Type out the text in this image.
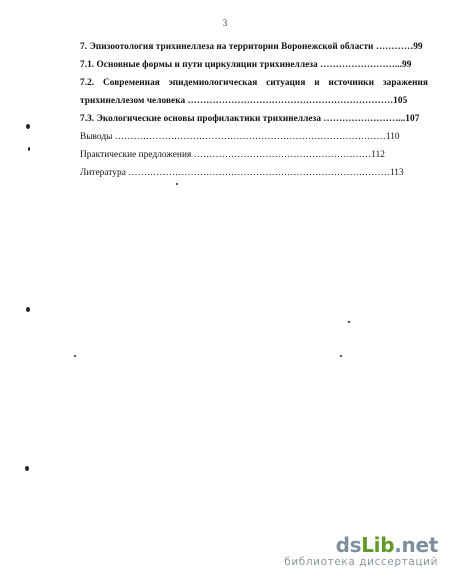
3
7. Эпизоотология трихинеллеза на территории Воронежской области …………99
7.1. Основные формы и пути циркуляции трихинеллеза ……………………...99
7.2. Современная эпидемиологическая ситуация и источники заражения
трихинеллезом человека …………………………………………………………105
7.3. Экологические основы профилактики трихинеллеза ……………………...107
Выводы ……………………………………………………………………………110
Практические предложения …………………………………………………112
Литература …………………………………………………………………………113
dsLib.net
библиотека диссертаций
